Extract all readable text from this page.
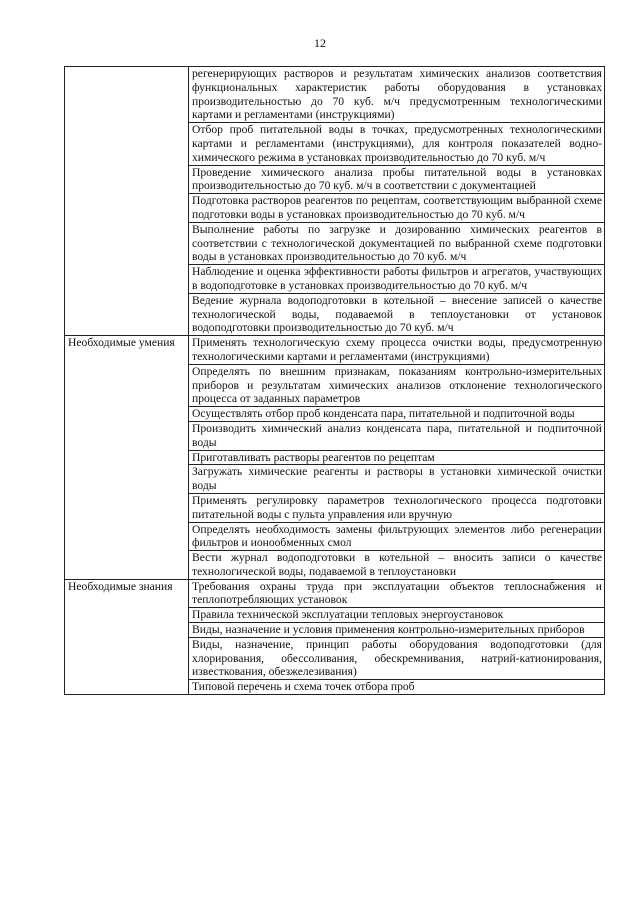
12
	регенерирующих растворов и результатам химических анализов соответствия функциональных характеристик работы оборудования в установках производительностью до 70 куб. м/ч предусмотренным технологическими картами и регламентами (инструкциями)
	Отбор проб питательной воды в точках, предусмотренных технологическими картами и регламентами (инструкциями), для контроля показателей водно-химического режима в установках производительностью до 70 куб. м/ч
	Проведение химического анализа пробы питательной воды в установках производительностью до 70 куб. м/ч в соответствии с документацией
	Подготовка растворов реагентов по рецептам, соответствующим выбранной схеме подготовки воды в установках производительностью до 70 куб. м/ч
	Выполнение работы по загрузке и дозированию химических реагентов в соответствии с технологической документацией по выбранной схеме подготовки воды в установках производительностью до 70 куб. м/ч
	Наблюдение и оценка эффективности работы фильтров и агрегатов, участвующих в водоподготовке в установках производительностью до 70 куб. м/ч
	Ведение журнала водоподготовки в котельной – внесение записей о качестве технологической воды, подаваемой в теплоустановки от установок водоподготовки производительностью до 70 куб. м/ч
Необходимые умения	Применять технологическую схему процесса очистки воды, предусмотренную технологическими картами и регламентами (инструкциями)
	Определять по внешним признакам, показаниям контрольно-измерительных приборов и результатам химических анализов отклонение технологического процесса от заданных параметров
	Осуществлять отбор проб конденсата пара, питательной и подпиточной воды
	Производить химический анализ конденсата пара, питательной и подпиточной воды
	Приготавливать растворы реагентов по рецептам
	Загружать химические реагенты и растворы в установки химической очистки воды
	Применять регулировку параметров технологического процесса подготовки питательной воды с пульта управления или вручную
	Определять необходимость замены фильтрующих элементов либо регенерации фильтров и ионообменных смол
	Вести журнал водоподготовки в котельной – вносить записи о качестве технологической воды, подаваемой в теплоустановки
Необходимые знания	Требования охраны труда при эксплуатации объектов теплоснабжения и теплопотребляющих установок
	Правила технической эксплуатации тепловых энергоустановок
	Виды, назначение и условия применения контрольно-измерительных приборов
	Виды, назначение, принцип работы оборудования водоподготовки (для хлорирования, обессоливания, обескремнивания, натрий-катионирования, известкования, обезжелезивания)
	Типовой перечень и схема точек отбора проб
